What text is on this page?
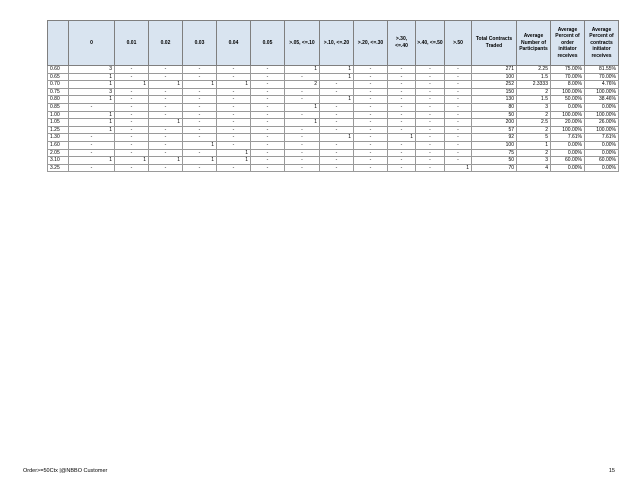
	0	0.01	0.02	0.03	0.04	0.05	>.05, <=.10	>.10, <=.20	>.20, <=.30	>.30, <=.40	>.40, <=.50	>.50	Total Contracts Traded	Average Number of Participants	Average Percent of order initiator receives	Average Percent of contracts initiator receives
0.60	3	-	-	-	-	-	1	1	-	-	-	-	271	2.25	75.00%	81.55%
0.65	1	-	-	-	-	-	-	1	-	-	-	-	100	1.5	70.00%	70.00%
0.70	1	1	1	1	1	-	2	-	-	-	-	-	252	2.3333	8.00%	4.76%
0.75	3	-	-	-	-	-	-	-	-	-	-	-	150	2	100.00%	100.00%
0.80	1	-	-	-	-	-	-	1	-	-	-	-	130	1.5	50.00%	38.46%
0.85	-	-	-	-	-	-	1	-	-	-	-	-	80	3	0.00%	0.00%
1.00	1	-	-	-	-	-	-	-	-	-	-	-	50	2	100.00%	100.00%
1.05	1	-	1	-	-	-	1	-	-	-	-	-	200	2.5	20.00%	26.00%
1.25	1	-	-	-	-	-	-	-	-	-	-	-	57	2	100.00%	100.00%
1.30	-	-	-	-	-	-	-	1	-	1	-	-	92	5	7.61%	7.61%
1.60	-	-	-	1	-	-	-	-	-	-	-	-	100	1	0.00%	0.00%
2.05	-	-	-	-	1	-	-	-	-	-	-	-	75	2	0.00%	0.00%
3.10	1	1	1	1	1	-	-	-	-	-	-	-	50	3	60.00%	60.00%
3.25	-	-	-	-	-	-	-	-	-	-	-	1	70	4	0.00%	0.00%
Order>=50Ctx |@NBBO Customer	15
